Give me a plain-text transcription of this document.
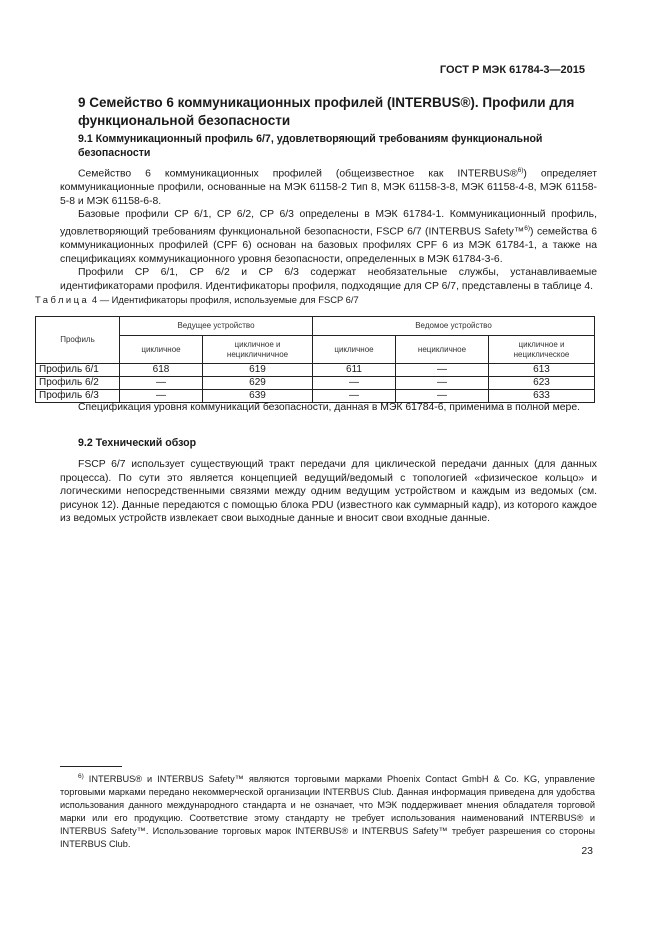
ГОСТ Р МЭК 61784-3—2015
9 Семейство 6 коммуникационных профилей (INTERBUS®). Профили для функциональной безопасности
9.1 Коммуникационный профиль 6/7, удовлетворяющий требованиям функциональной безопасности

Семейство 6 коммуникационных профилей (общеизвестное как INTERBUS®$^{6)}$) определяет коммуникационные профили, основанные на МЭК 61158-2 Тип 8, МЭК 61158-3-8, МЭК 61158-4-8, МЭК 61158-5-8 и МЭК 61158-6-8.

Базовые профили CP 6/1, CP 6/2, CP 6/3 определены в МЭК 61784-1. Коммуникационный профиль, удовлетворяющий требованиям функциональной безопасности, FSCP 6/7 (INTERBUS Safety™$^{6)}$) семейства 6 коммуникационных профилей (CPF 6) основан на базовых профилях CPF 6 из МЭК 61784-1, а также на спецификациях коммуникационного уровня безопасности, определенных в МЭК 61784-3-6.

Профили CP 6/1, CP 6/2 и CP 6/3 содержат необязательные службы, устанавливаемые идентификаторами профиля. Идентификаторы профиля, подходящие для CP 6/7, представлены в таблице 4.

Таблица 4 — Идентификаторы профиля, используемые для FSCP 6/7
Профиль	Ведущее устройство		Ведомое устройство		
	цикличное	цикличное и нецикличничное	цикличное	нецикличное	цикличное и нециклическое
Профиль 6/1	618	619	611	—	613
Профиль 6/2	—	629	—	—	623
Профиль 6/3	—	639	—	—	633

Спецификация уровня коммуникаций безопасности, данная в МЭК 61784-6, применима в полной мере.

9.2 Технический обзор

FSCP 6/7 использует существующий тракт передачи для циклической передачи данных (для данных процесса). По сути это является концепцией ведущий/ведомый с топологией «физическое кольцо» и логическими непосредственными связями между одним ведущим устройством и каждым из ведомых (см. рисунок 12). Данные передаются с помощью блока PDU (известного как суммарный кадр), из которого каждое из ведомых устройств извлекает свои выходные данные и вносит свои входные данные.

$^{6)}$ INTERBUS® и INTERBUS Safety™ являются торговыми марками Phoenix Contact GmbH & Co. KG, управление торговыми марками передано некоммерческой организации INTERBUS Club. Данная информация приведена для удобства использования данного международного стандарта и не означает, что МЭК поддерживает мнения обладателя торговой марки или его продукцию. Соответствие этому стандарту не требует использования наименований INTERBUS® и INTERBUS Safety™. Использование торговых марок INTERBUS® и INTERBUS Safety™ требует разрешения со стороны INTERBUS Club.

23
